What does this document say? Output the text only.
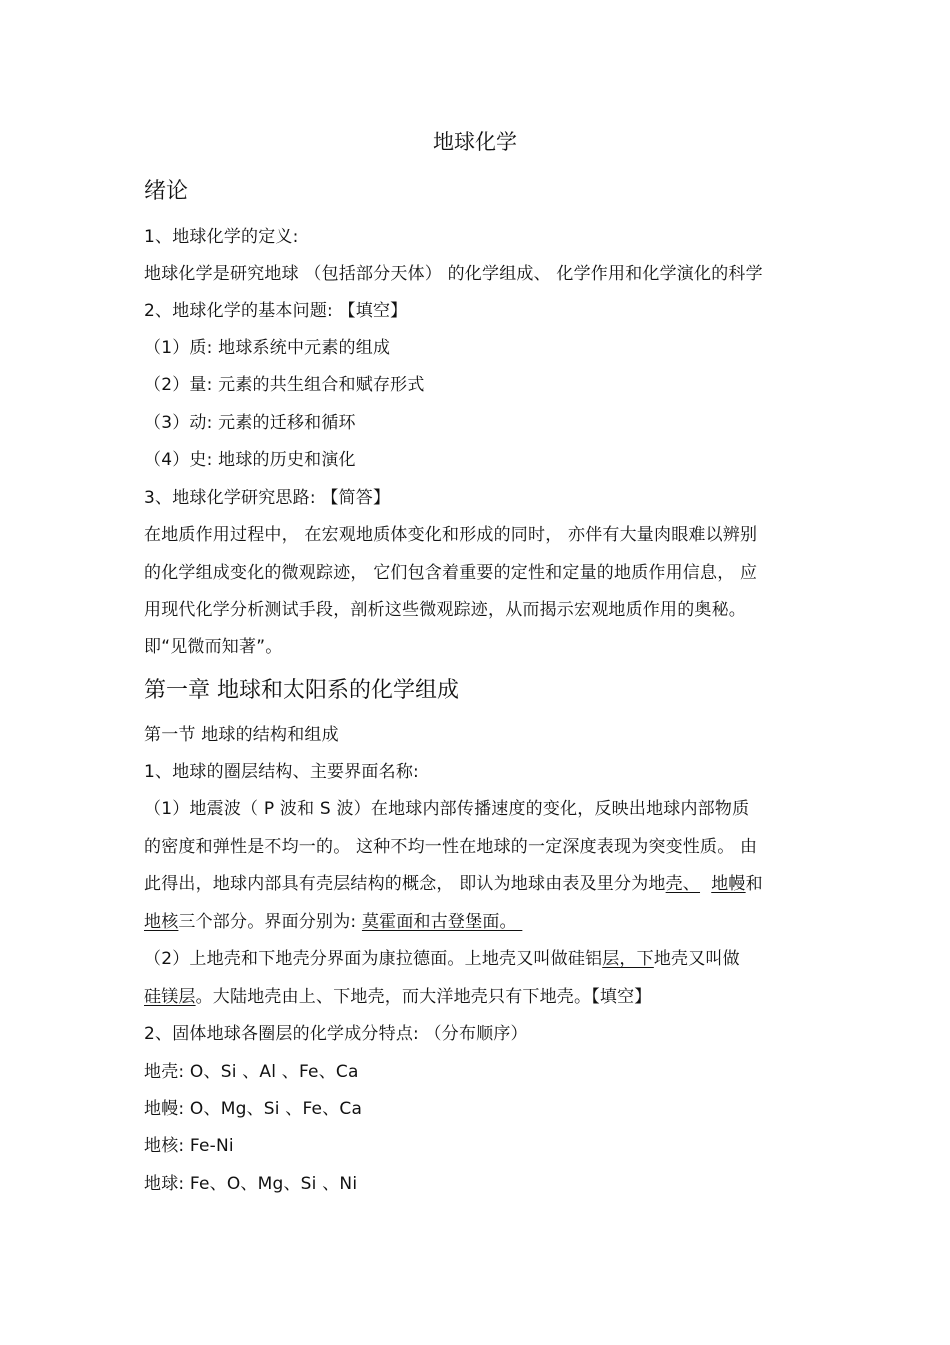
地球化学
绪论
1、地球化学的定义:
地球化学是研究地球 （包括部分天体） 的化学组成、 化学作用和化学演化的科学
2、地球化学的基本问题: 【填空】
（1）质: 地球系统中元素的组成
（2）量: 元素的共生组合和赋存形式
（3）动: 元素的迁移和循环
（4）史: 地球的历史和演化
3、地球化学研究思路: 【简答】
在地质作用过程中， 在宏观地质体变化和形成的同时， 亦伴有大量肉眼难以辨别
的化学组成变化的微观踪迹， 它们包含着重要的定性和定量的地质作用信息， 应
用现代化学分析测试手段，剖析这些微观踪迹，从而揭示宏观地质作用的奥秘。
即“见微而知著”。
第一章 地球和太阳系的化学组成
第一节 地球的结构和组成
1、地球的圈层结构、主要界面名称:
（1）地震波（ P 波和 S 波）在地球内部传播速度的变化，反映出地球内部物质
的密度和弹性是不均一的。 这种不均一性在地球的一定深度表现为突变性质。 由
此得出，地球内部具有壳层结构的概念， 即认为地球由表及里分为地壳、 地幔和
地核三个部分。界面分别为: 莫霍面和古登堡面。
（2）上地壳和下地壳分界面为康拉德面。上地壳又叫做硅铝层，下地壳又叫做
硅镁层。大陆地壳由上、下地壳，而大洋地壳只有下地壳。【填空】
2、固体地球各圈层的化学成分特点: （分布顺序）
地壳: O、Si 、Al 、Fe、Ca
地幔: O、Mg、Si 、Fe、Ca
地核: Fe-Ni
地球: Fe、O、Mg、Si 、Ni
